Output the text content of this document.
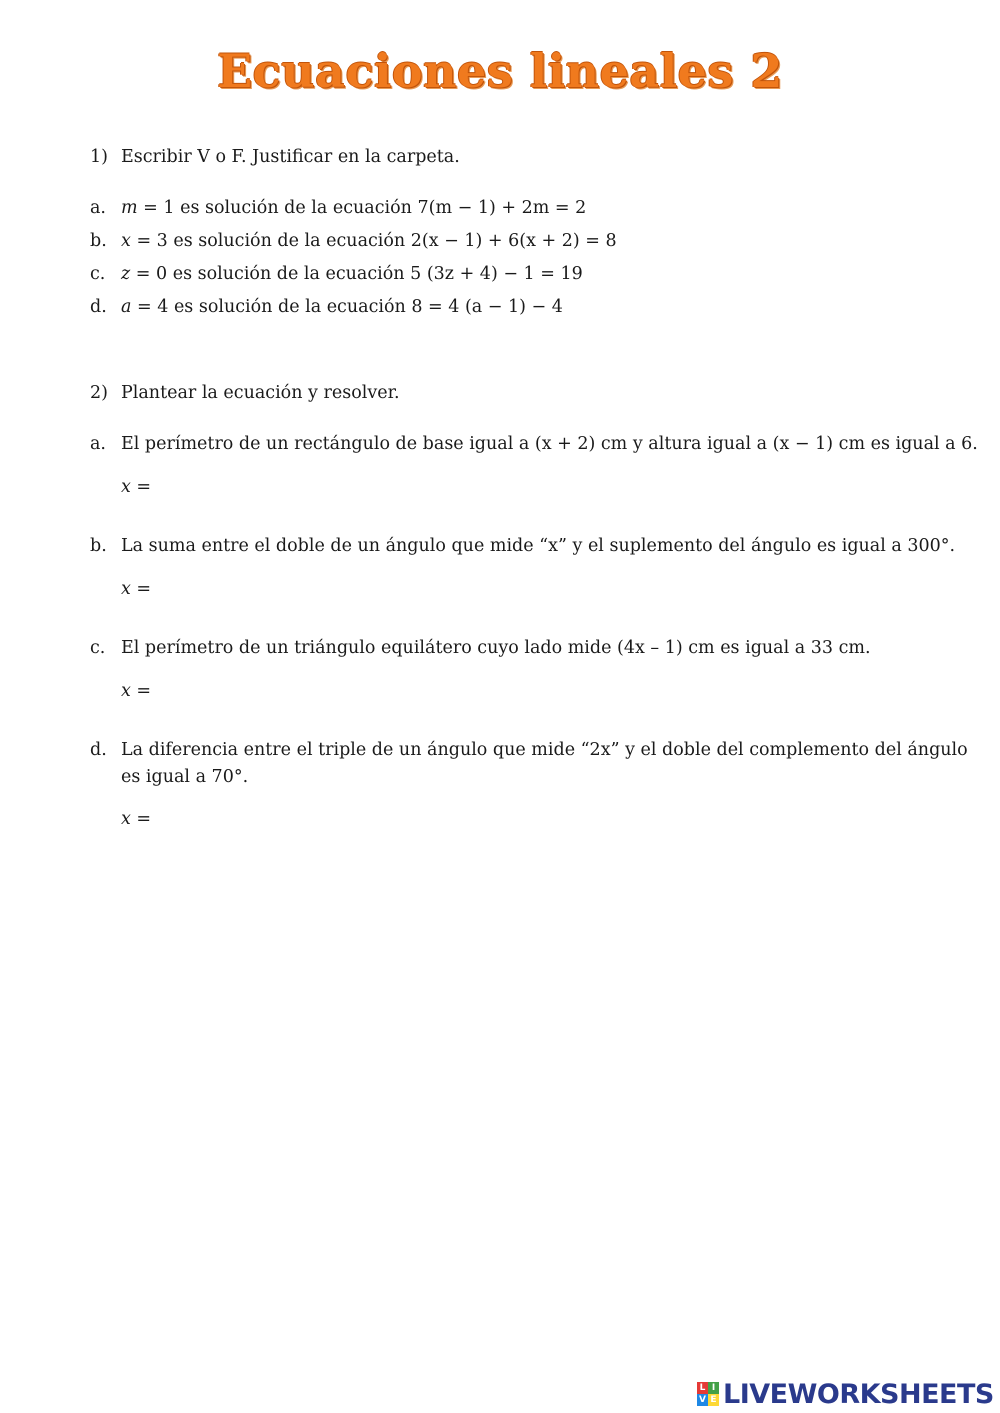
Ecuaciones lineales 2
1) Escribir V o F. Justificar en la carpeta.
a. m = 1 es solución de la ecuación 7(m − 1) + 2m = 2
b. x = 3 es solución de la ecuación 2(x − 1) + 6(x + 2) = 8
c. z = 0 es solución de la ecuación 5 (3z + 4) − 1 = 19
d. a = 4 es solución de la ecuación 8 = 4 (a − 1) − 4
2) Plantear la ecuación y resolver.
a. El perímetro de un rectángulo de base igual a (x + 2) cm y altura igual a (x − 1) cm es igual a 6.
x =
b. La suma entre el doble de un ángulo que mide “x” y el suplemento del ángulo es igual a 300°.
x =
c. El perímetro de un triángulo equilátero cuyo lado mide (4x – 1) cm es igual a 33 cm.
x =
d. La diferencia entre el triple de un ángulo que mide “2x” y el doble del complemento del ángulo
es igual a 70°.
x =
L I
V E LIVEWORKSHEETS
